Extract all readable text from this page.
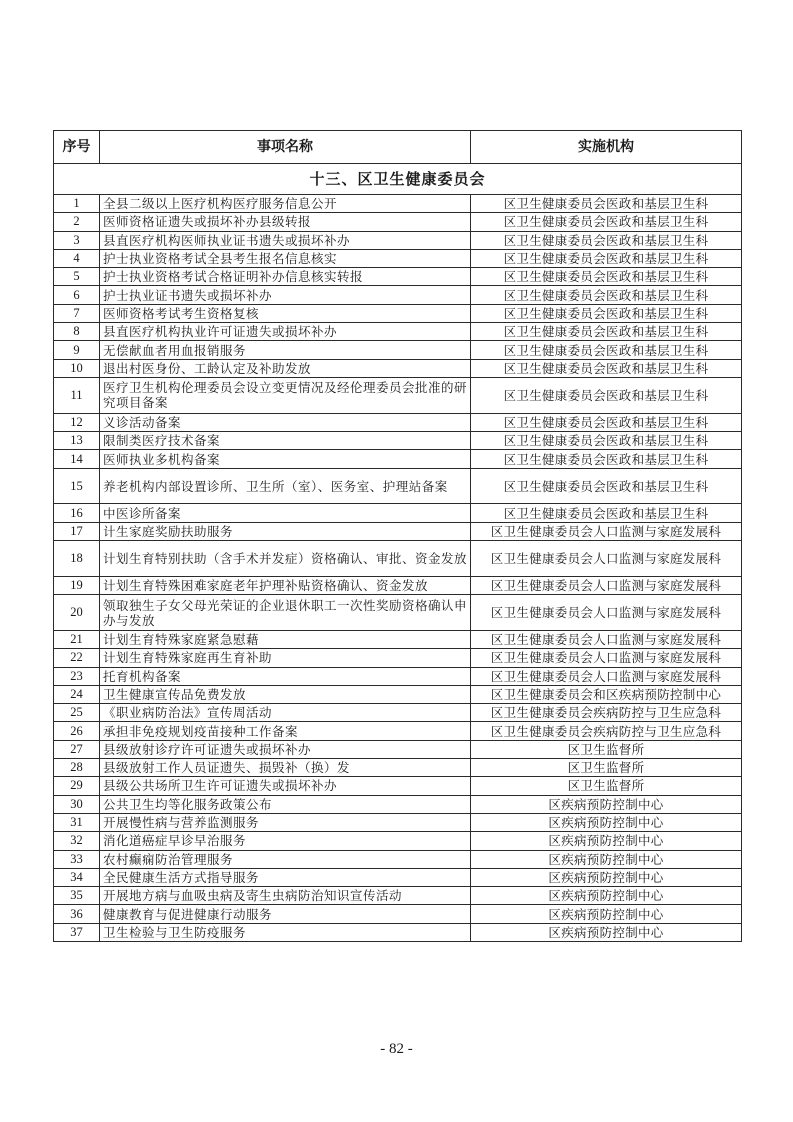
序号	事项名称	实施机构
十三、区卫生健康委员会		
1	全县二级以上医疗机构医疗服务信息公开	区卫生健康委员会医政和基层卫生科
2	医师资格证遗失或损坏补办县级转报	区卫生健康委员会医政和基层卫生科
3	县直医疗机构医师执业证书遗失或损坏补办	区卫生健康委员会医政和基层卫生科
4	护士执业资格考试全县考生报名信息核实	区卫生健康委员会医政和基层卫生科
5	护士执业资格考试合格证明补办信息核实转报	区卫生健康委员会医政和基层卫生科
6	护士执业证书遗失或损坏补办	区卫生健康委员会医政和基层卫生科
7	医师资格考试考生资格复核	区卫生健康委员会医政和基层卫生科
8	县直医疗机构执业许可证遗失或损坏补办	区卫生健康委员会医政和基层卫生科
9	无偿献血者用血报销服务	区卫生健康委员会医政和基层卫生科
10	退出村医身份、工龄认定及补助发放	区卫生健康委员会医政和基层卫生科
11	医疗卫生机构伦理委员会设立变更情况及经伦理委员会批准的研究项目备案	区卫生健康委员会医政和基层卫生科
12	义诊活动备案	区卫生健康委员会医政和基层卫生科
13	限制类医疗技术备案	区卫生健康委员会医政和基层卫生科
14	医师执业多机构备案	区卫生健康委员会医政和基层卫生科
15	养老机构内部设置诊所、卫生所（室）、医务室、护理站备案	区卫生健康委员会医政和基层卫生科
16	中医诊所备案	区卫生健康委员会医政和基层卫生科
17	计生家庭奖励扶助服务	区卫生健康委员会人口监测与家庭发展科
18	计划生育特别扶助（含手术并发症）资格确认、审批、资金发放	区卫生健康委员会人口监测与家庭发展科
19	计划生育特殊困难家庭老年护理补贴资格确认、资金发放	区卫生健康委员会人口监测与家庭发展科
20	领取独生子女父母光荣证的企业退休职工一次性奖励资格确认申办与发放	区卫生健康委员会人口监测与家庭发展科
21	计划生育特殊家庭紧急慰藉	区卫生健康委员会人口监测与家庭发展科
22	计划生育特殊家庭再生育补助	区卫生健康委员会人口监测与家庭发展科
23	托育机构备案	区卫生健康委员会人口监测与家庭发展科
24	卫生健康宣传品免费发放	区卫生健康委员会和区疾病预防控制中心
25	《职业病防治法》宣传周活动	区卫生健康委员会疾病防控与卫生应急科
26	承担非免疫规划疫苗接种工作备案	区卫生健康委员会疾病防控与卫生应急科
27	县级放射诊疗许可证遗失或损坏补办	区卫生监督所
28	县级放射工作人员证遗失、损毁补（换）发	区卫生监督所
29	县级公共场所卫生许可证遗失或损坏补办	区卫生监督所
30	公共卫生均等化服务政策公布	区疾病预防控制中心
31	开展慢性病与营养监测服务	区疾病预防控制中心
32	消化道癌症早诊早治服务	区疾病预防控制中心
33	农村癫痫防治管理服务	区疾病预防控制中心
34	全民健康生活方式指导服务	区疾病预防控制中心
35	开展地方病与血吸虫病及寄生虫病防治知识宣传活动	区疾病预防控制中心
36	健康教育与促进健康行动服务	区疾病预防控制中心
37	卫生检验与卫生防疫服务	区疾病预防控制中心
- 82 -
